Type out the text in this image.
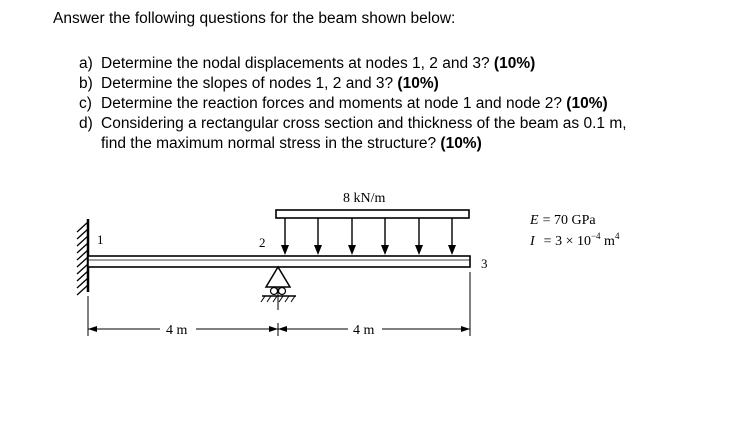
Answer the following questions for the beam shown below:
a) Determine the nodal displacements at nodes 1, 2 and 3? (10%)
b) Determine the slopes of nodes 1, 2 and 3? (10%)
c) Determine the reaction forces and moments at node 1 and node 2? (10%)
d) Considering a rectangular cross section and thickness of the beam as 0.1 m,
find the maximum normal stress in the structure? (10%)
8 kN/m
1	2
3
4 m	4 m
E = 70 GPa
$I = 3 \times 10^{-4}$ $m^4$
